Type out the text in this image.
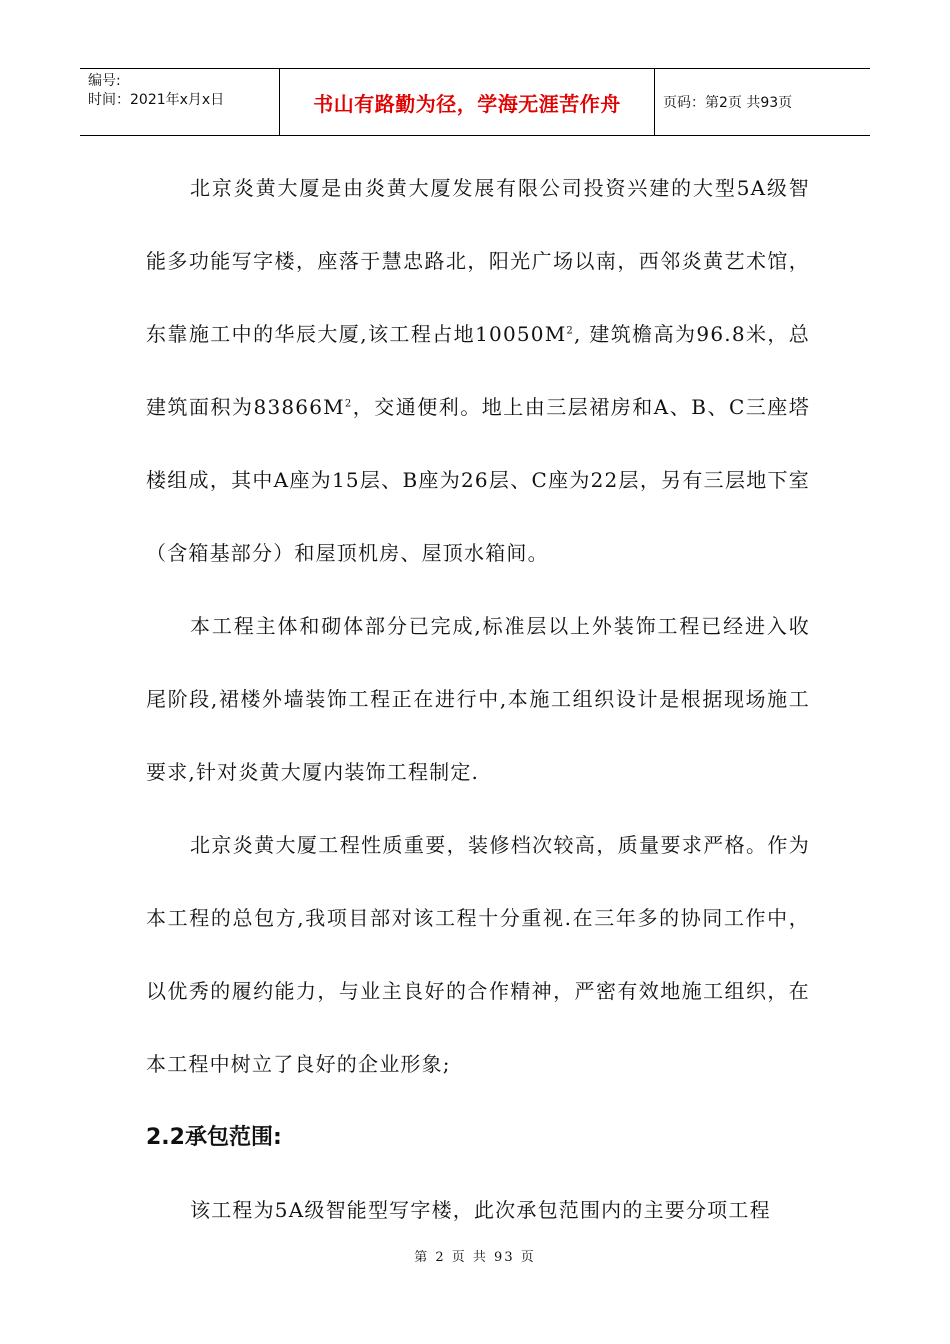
编号:
时间：2021年x月x日	书山有路勤为径，学海无涯苦作舟	页码：第2页 共93页

北京炎黄大厦是由炎黄大厦发展有限公司投资兴建的大型5A级智能多功能写字楼，座落于慧忠路北，阳光广场以南，西邻炎黄艺术馆，东靠施工中的华辰大厦,该工程占地$10050M^2$, 建筑檐高为96.8米，总建筑面积为$83866M^2$，交通便利。地上由三层裙房和A、B、C三座塔楼组成，其中A座为15层、B座为26层、C座为22层，另有三层地下室（含箱基部分）和屋顶机房、屋顶水箱间。

本工程主体和砌体部分已完成,标准层以上外装饰工程已经进入收尾阶段,裙楼外墙装饰工程正在进行中,本施工组织设计是根据现场施工要求,针对炎黄大厦内装饰工程制定.

北京炎黄大厦工程性质重要，装修档次较高，质量要求严格。作为本工程的总包方,我项目部对该工程十分重视.在三年多的协同工作中，以优秀的履约能力，与业主良好的合作精神，严密有效地施工组织，在本工程中树立了良好的企业形象;

2.2承包范围:

该工程为5A级智能型写字楼，此次承包范围内的主要分项工程

第 2 页 共 93 页
